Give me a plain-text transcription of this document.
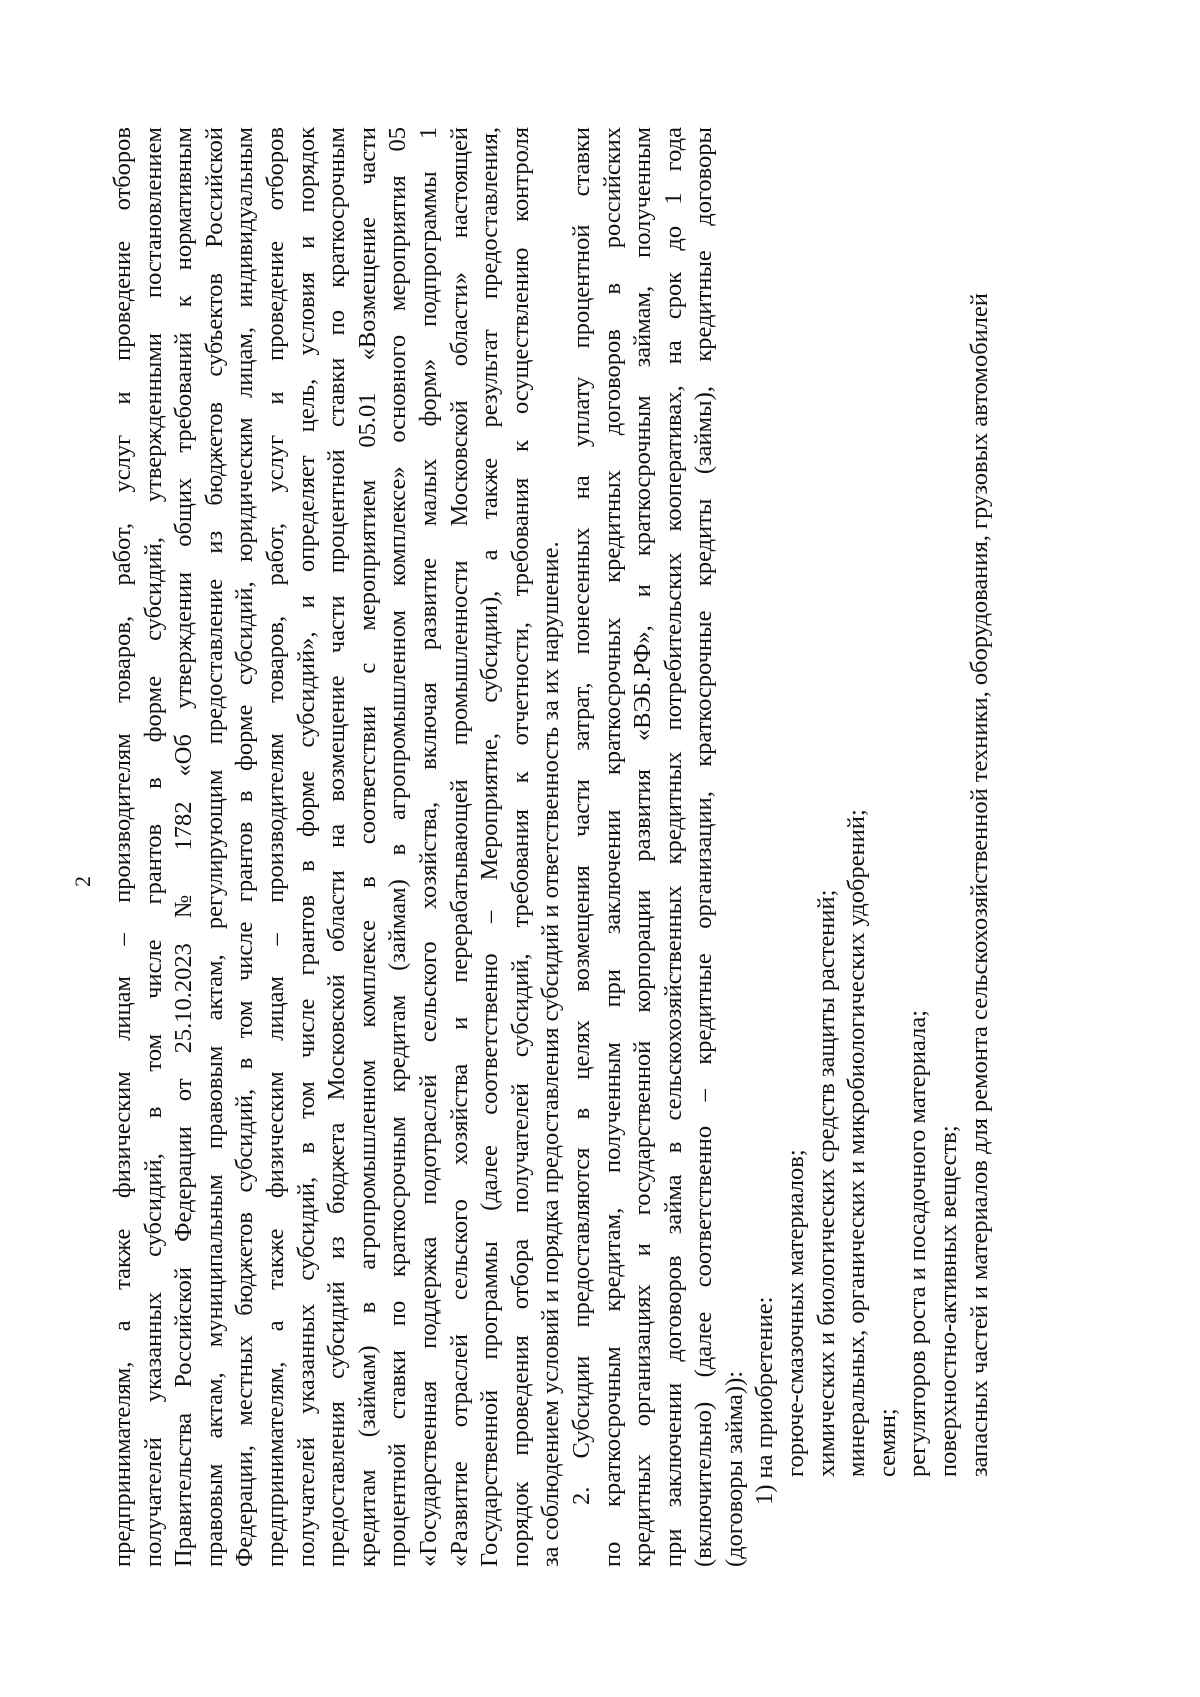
2 предпринимателям, а также физическим лицам – производителям товаров, работ, услуг и проведение отборов получателей указанных субсидий, в том числе грантов в форме субсидий, утвержденными постановлением Правительства Российской Федерации от 25.10.2023 № 1782 «Об утверждении общих требований к нормативным правовым актам, муниципальным правовым актам, регулирующим предоставление из бюджетов субъектов Российской Федерации, местных бюджетов субсидий, в том числе грантов в форме субсидий, юридическим лицам, индивидуальным предпринимателям, а также физическим лицам – производителям товаров, работ, услуг и проведение отборов получателей указанных субсидий, в том числе грантов в форме субсидий», и определяет цель, условия и порядок предоставления субсидий из бюджета Московской области на возмещение части процентной ставки по краткосрочным кредитам (займам) в агропромышленном комплексе в соответствии с мероприятием 05.01 «Возмещение части процентной ставки по краткосрочным кредитам (займам) в агропромышленном комплексе» основного мероприятия 05 «Государственная поддержка подотраслей сельского хозяйства, включая развитие малых форм» подпрограммы 1 «Развитие отраслей сельского хозяйства и перерабатывающей промышленности Московской области» настоящей Государственной программы (далее соответственно – Мероприятие, субсидии), а также результат предоставления, порядок проведения отбора получателей субсидий, требования к отчетности, требования к осуществлению контроля за соблюдением условий и порядка предоставления субсидий и ответственность за их нарушение. 2. Субсидии предоставляются в целях возмещения части затрат, понесенных на уплату процентной ставки по краткосрочным кредитам, полученным при заключении краткосрочных кредитных договоров в российских кредитных организациях и государственной корпорации развития «ВЭБ.РФ», и краткосрочным займам, полученным при заключении договоров займа в сельскохозяйственных кредитных потребительских кооперативах, на срок до 1 года (включительно) (далее соответственно – кредитные организации, краткосрочные кредиты (займы), кредитные договоры (договоры займа)): 1) на приобретение: горюче-смазочных материалов; химических и биологических средств защиты растений; минеральных, органических и микробиологических удобрений; семян; регуляторов роста и посадочного материала; поверхностно-активных веществ; запасных частей и материалов для ремонта сельскохозяйственной техники, оборудования, грузовых автомобилей
